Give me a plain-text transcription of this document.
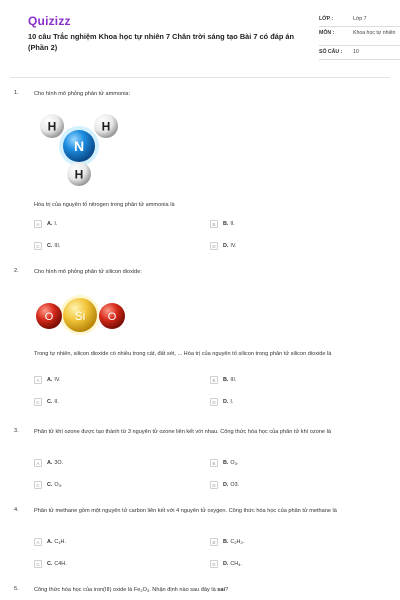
Quizizz
10 câu Trắc nghiệm Khoa học tự nhiên 7 Chân trời sáng tạo Bài 7 có đáp án (Phần 2)
LỚP :	Lớp 7
MÔN :	Khoa học tự nhiên
SỐ CÂU :	10
1.	Cho hình mô phỏng phân tử ammonia:
H
N
H
H
Hóa trị của nguyên tố nitrogen trong phân tử ammonia là
A	A. I.	B	B. II.
C	C. III.	D	D. IV.
2.	Cho hình mô phỏng phân tử silicon dioxide:
O Si O
Trong tự nhiên, silicon dioxide có nhiều trong cát, đất sét, ... Hóa trị của nguyên tố silicon trong phân tử silicon dioxide là
A	A. IV.	B	B. III.
C	C. II.	D	D. I.
3.	Phân tử khí ozone được tạo thành từ 3 nguyên tử ozone liên kết với nhau. Công thức hóa học của phân tử khí ozone là
A	A. 3O.	B	B. O 3 .
C	C. O 3 .	D	D. O3.
4.	Phân tử methane gồm một nguyên tử carbon liên kết với 4 nguyên tử oxygen. Công thức hóa học của phân tử methane là
A	A. C 4 H.	B	B. C 2 H 2 .
C	C. C4H.	D	D. CH 4 .
5.	Công thức hóa học của iron(III) oxide là $Fe_2O_3$. Nhận định nào sau đây là sai?
